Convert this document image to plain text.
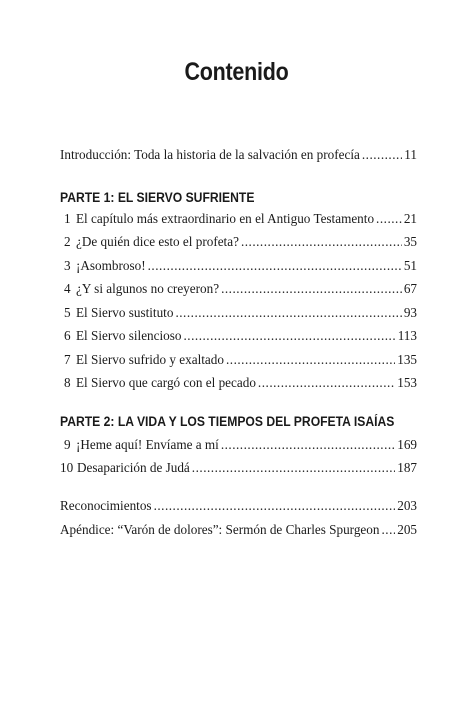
Contenido
Introducción: Toda la historia de la salvación en profecía .....	11
PARTE 1: EL SIERVO SUFRIENTE
1 El capítulo más extraordinario en el Antiguo Testamento ..... 21
2 ¿De quién dice esto el profeta? .....	35
3 ¡Asombroso! .....	51
4 ¿Y si algunos no creyeron? .....	67
5 El Siervo sustituto .....	93
6 El Siervo silencioso .....	113
7 El Siervo sufrido y exaltado .....	135
8 El Siervo que cargó con el pecado .....	153
PARTE 2: LA VIDA Y LOS TIEMPOS DEL PROFETA ISAÍAS
9 ¡Heme aquí! Envíame a mí .....	169
10 Desaparición de Judá .....	187
Reconocimientos .....	203
Apéndice: “Varón de dolores”: Sermón de Charles Spurgeon ..... 205
